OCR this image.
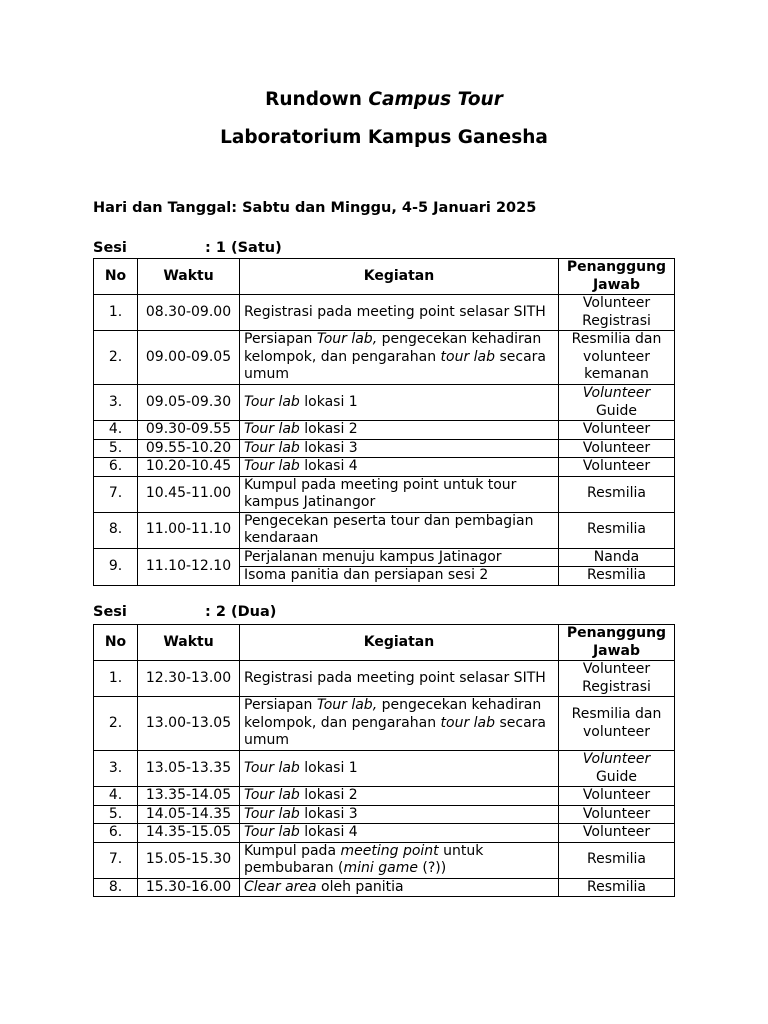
Rundown Campus Tour
Laboratorium Kampus Ganesha
Hari dan Tanggal: Sabtu dan Minggu, 4-5 Januari 2025
Sesi	: 1 (Satu)
No	Waktu	Kegiatan	Penanggung
Jawab

1.	08.30-09.00	Registrasi pada meeting point selasar SITH	Volunteer
Registrasi

2.	09.00-09.05	Persiapan Tour lab, pengecekan kehadiran kelompok, dan pengarahan tour lab secara umum	Resmilia dan
volunteer
kemanan

3.	09.05-09.30	Tour lab lokasi 1	Volunteer
Guide

4.	09.30-09.55	Tour lab lokasi 2	Volunteer

5.	09.55-10.20	Tour lab lokasi 3	Volunteer

6.	10.20-10.45	Tour lab lokasi 4	Volunteer

7.	10.45-11.00	Kumpul pada meeting point untuk tour kampus Jatinangor	Resmilia

8.	11.00-11.10	Pengecekan peserta tour dan pembagian kendaraan	Resmilia

9.	11.10-12.10	Perjalanan menuju kampus Jatinagor	Nanda

		Isoma panitia dan persiapan sesi 2	Resmilia
Sesi	: 2 (Dua)
No	Waktu	Kegiatan	Penanggung
Jawab

1.	12.30-13.00	Registrasi pada meeting point selasar SITH	Volunteer
Registrasi

2.	13.00-13.05	Persiapan Tour lab, pengecekan kehadiran kelompok, dan pengarahan tour lab secara umum	Resmilia dan
volunteer

3.	13.05-13.35	Tour lab lokasi 1	Volunteer
Guide

4.	13.35-14.05	Tour lab lokasi 2	Volunteer

5.	14.05-14.35	Tour lab lokasi 3	Volunteer

6.	14.35-15.05	Tour lab lokasi 4	Volunteer

7.	15.05-15.30	Kumpul pada meeting point untuk pembubaran (mini game (?))	Resmilia

8.	15.30-16.00	Clear area oleh panitia	Resmilia
